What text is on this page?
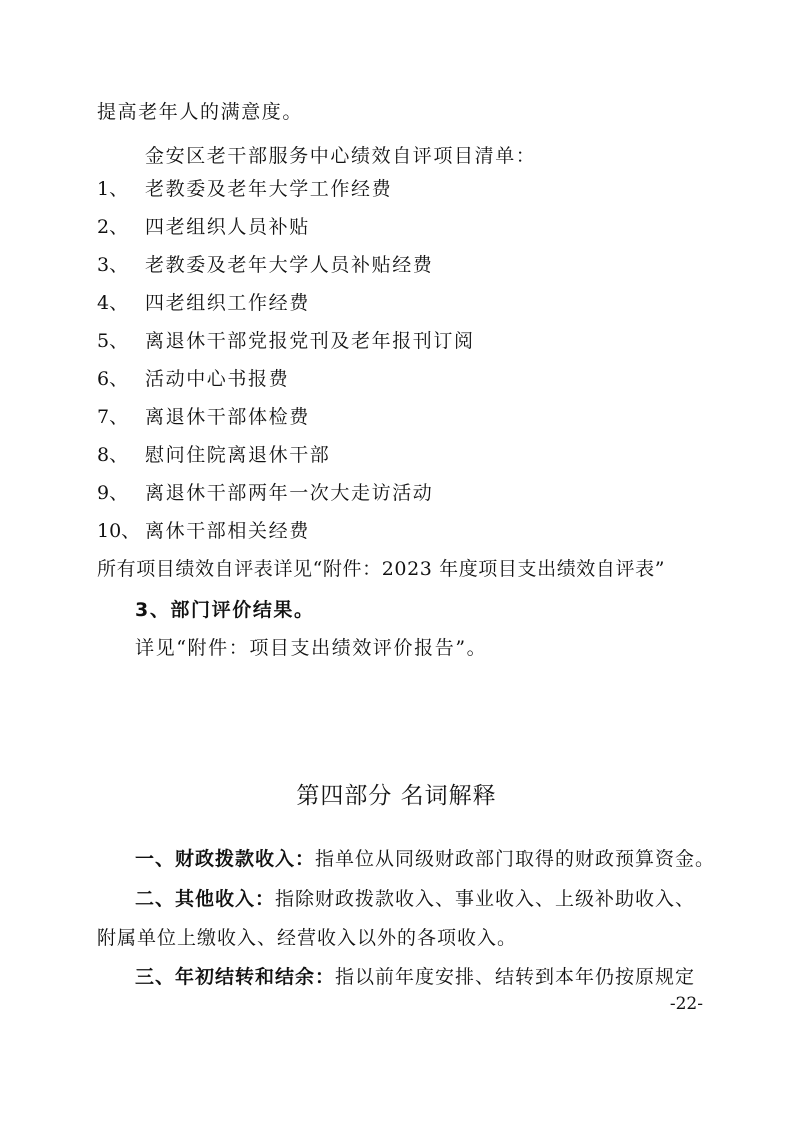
提高老年人的满意度。
金安区老干部服务中心绩效自评项目清单：
1、 老教委及老年大学工作经费
2、 四老组织人员补贴
3、 老教委及老年大学人员补贴经费
4、 四老组织工作经费
5、 离退休干部党报党刊及老年报刊订阅
6、 活动中心书报费
7、 离退休干部体检费
8、 慰问住院离退休干部
9、 离退休干部两年一次大走访活动
10、 离休干部相关经费
所有项目绩效自评表详见“附件：2023 年度项目支出绩效自评表”
3、部门评价结果。
详见“附件：项目支出绩效评价报告”。
第四部分 名词解释
一、财政拨款收入：指单位从同级财政部门取得的财政预算资金。
二、其他收入：指除财政拨款收入、事业收入、上级补助收入、
附属单位上缴收入、经营收入以外的各项收入。
三、年初结转和结余：指以前年度安排、结转到本年仍按原规定
-22-
